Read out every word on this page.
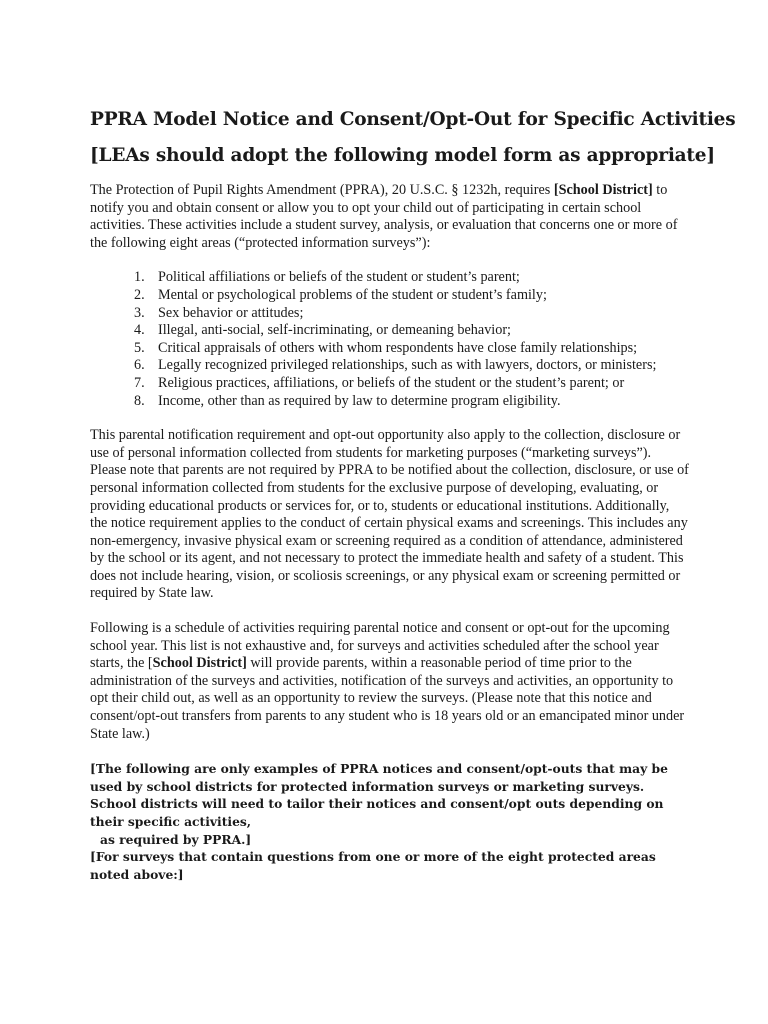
PPRA Model Notice and Consent/Opt-Out for Specific Activities
[LEAs should adopt the following model form as appropriate]

The Protection of Pupil Rights Amendment (PPRA), 20 U.S.C. § 1232h, requires [School District] to notify you and obtain consent or allow you to opt your child out of participating in certain school activities. These activities include a student survey, analysis, or evaluation that concerns one or more of the following eight areas (“protected information surveys”):

1. Political affiliations or beliefs of the student or student’s parent;
2. Mental or psychological problems of the student or student’s family;
3. Sex behavior or attitudes;
4. Illegal, anti-social, self-incriminating, or demeaning behavior;
5. Critical appraisals of others with whom respondents have close family relationships;
6. Legally recognized privileged relationships, such as with lawyers, doctors, or ministers;
7. Religious practices, affiliations, or beliefs of the student or the student’s parent; or
8. Income, other than as required by law to determine program eligibility.

This parental notification requirement and opt-out opportunity also apply to the collection, disclosure or use of personal information collected from students for marketing purposes (“marketing surveys”). Please note that parents are not required by PPRA to be notified about the collection, disclosure, or use of personal information collected from students for the exclusive purpose of developing, evaluating, or providing educational products or services for, or to, students or educational institutions. Additionally, the notice requirement applies to the conduct of certain physical exams and screenings. This includes any non-emergency, invasive physical exam or screening required as a condition of attendance, administered by the school or its agent, and not necessary to protect the immediate health and safety of a student. This does not include hearing, vision, or scoliosis screenings, or any physical exam or screening permitted or required by State law.

Following is a schedule of activities requiring parental notice and consent or opt-out for the upcoming school year. This list is not exhaustive and, for surveys and activities scheduled after the school year starts, the [School District] will provide parents, within a reasonable period of time prior to the administration of the surveys and activities, notification of the surveys and activities, an opportunity to opt their child out, as well as an opportunity to review the surveys. (Please note that this notice and consent/opt-out transfers from parents to any student who is 18 years old or an emancipated minor under State law.)

[The following are only examples of PPRA notices and consent/opt-outs that may be used by school districts for protected information surveys or marketing surveys. School districts will need to tailor their notices and consent/opt outs depending on their specific activities,
as required by PPRA.]
[For surveys that contain questions from one or more of the eight protected areas noted above:]
